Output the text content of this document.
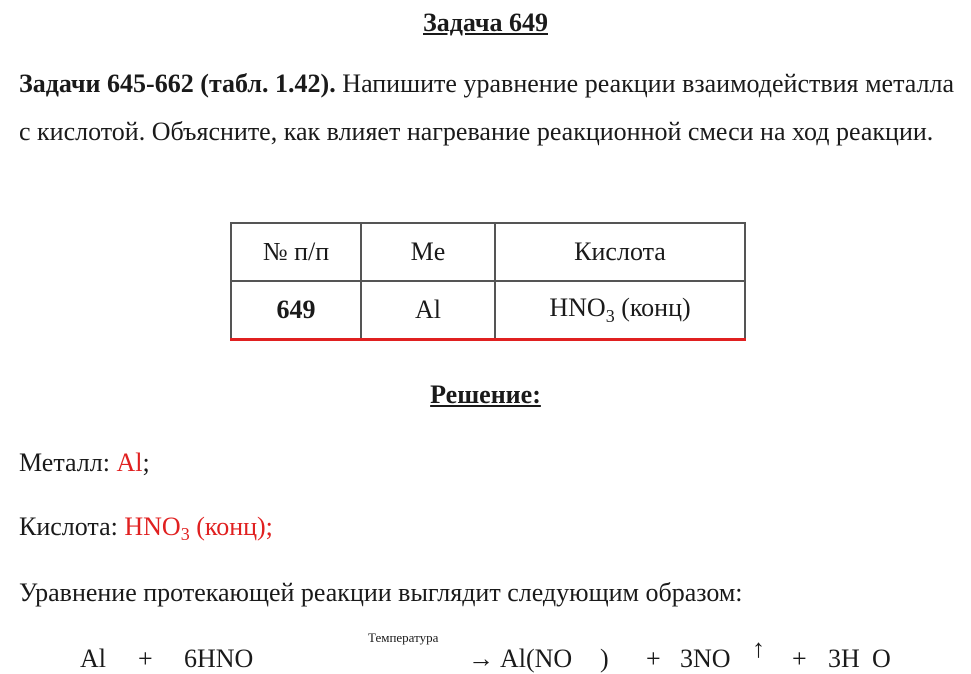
Задача 649

Задачи 645-662 (табл. 1.42). Напишите уравнение реакции взаимодействия металла с кислотой. Объясните, как влияет нагревание реакционной смеси на ход реакции.

№ п/п	Me	Кислота
649	Al	$HNO_3$ (конц)
Решение:
Металл: Al;
Кислота: HNO3 (конц);
Уравнение протекающей реакции выглядит следующим образом:
Температура
Al + 6HNO	→ Al(NO ) + 3NO ↑ + 3H O
